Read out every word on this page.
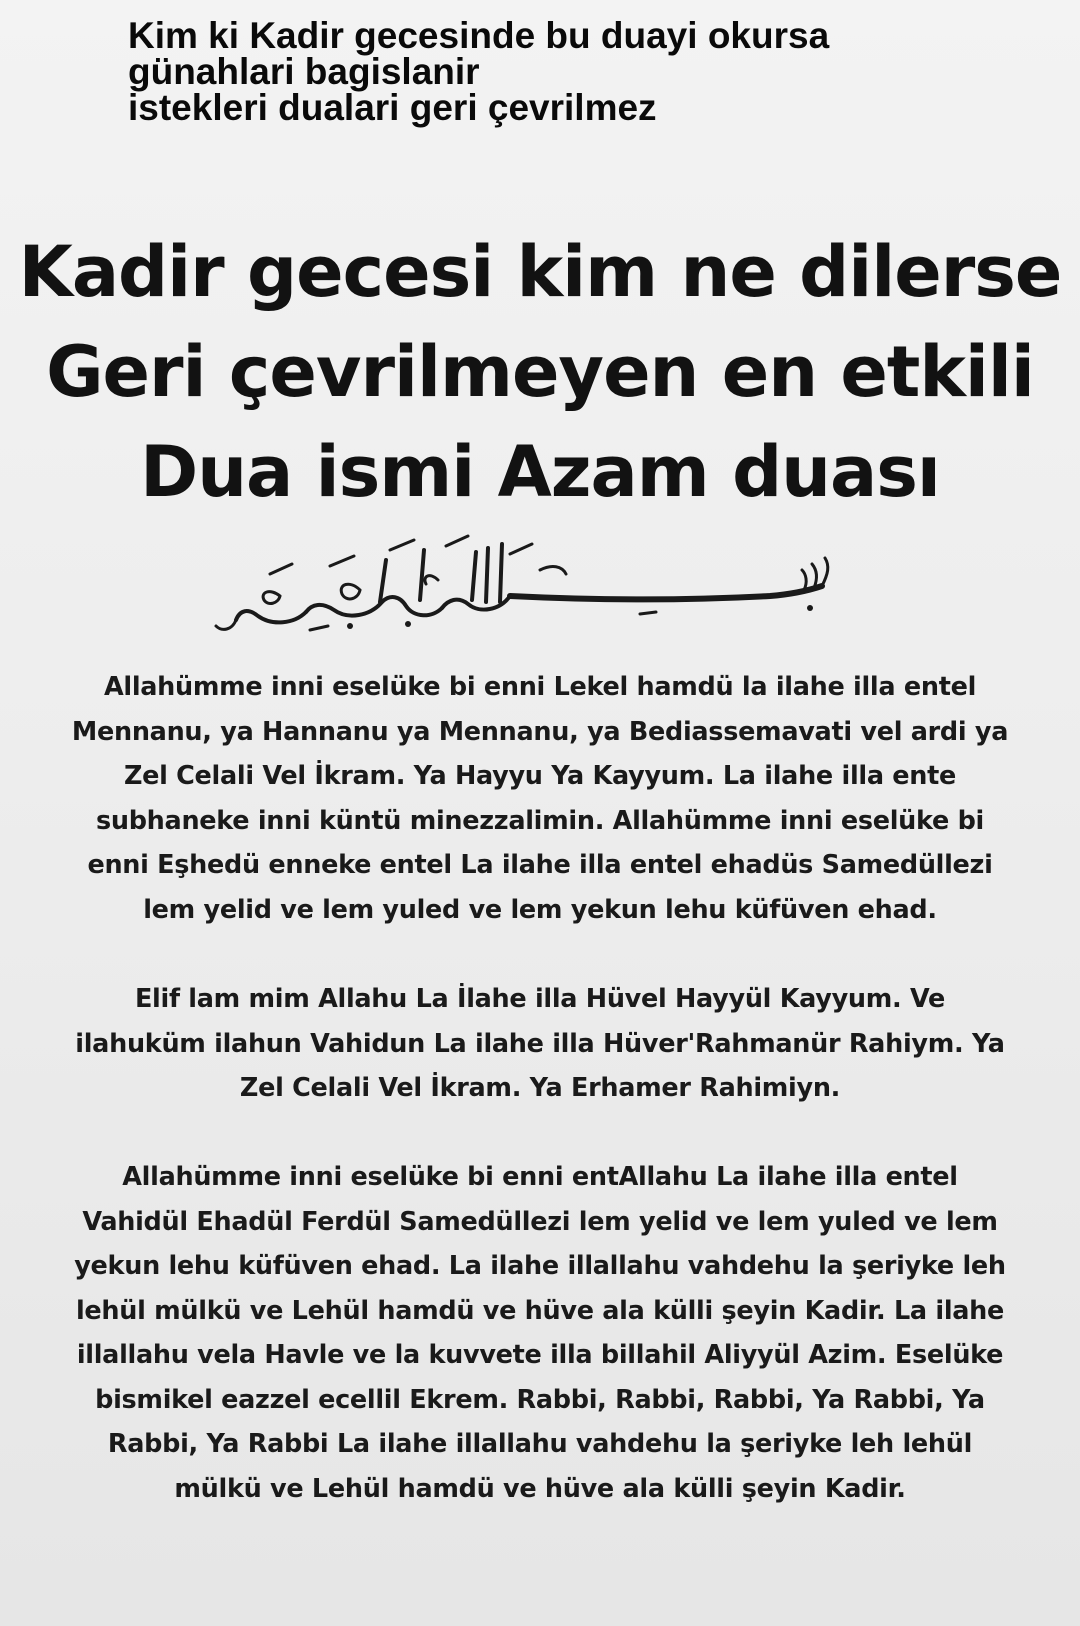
Kim ki Kadir gecesinde bu duayi okursa
günahlari bagislanir
istekleri dualari geri çevrilmez
Kadir gecesi kim ne dilerse
Geri çevrilmeyen en etkili
Dua ismi Azam duası
Allahümme inni eselüke bi enni Lekel hamdü la ilahe illa entel
Mennanu, ya Hannanu ya Mennanu, ya Bediassemavati vel ardi ya
Zel Celali Vel İkram. Ya Hayyu Ya Kayyum. La ilahe illa ente
subhaneke inni küntü minezzalimin. Allahümme inni eselüke bi
enni Eşhedü enneke entel La ilahe illa entel ehadüs Samedüllezi
lem yelid ve lem yuled ve lem yekun lehu küfüven ehad.
Elif lam mim Allahu La İlahe illa Hüvel Hayyül Kayyum. Ve
ilahuküm ilahun Vahidun La ilahe illa Hüver'Rahmanür Rahiym. Ya
Zel Celali Vel İkram. Ya Erhamer Rahimiyn.
Allahümme inni eselüke bi enni entAllahu La ilahe illa entel
Vahidül Ehadül Ferdül Samedüllezi lem yelid ve lem yuled ve lem
yekun lehu küfüven ehad. La ilahe illallahu vahdehu la şeriyke leh
lehül mülkü ve Lehül hamdü ve hüve ala külli şeyin Kadir. La ilahe
illallahu vela Havle ve la kuvvete illa billahil Aliyyül Azim. Eselüke
bismikel eazzel ecellil Ekrem. Rabbi, Rabbi, Rabbi, Ya Rabbi, Ya
Rabbi, Ya Rabbi La ilahe illallahu vahdehu la şeriyke leh lehül
mülkü ve Lehül hamdü ve hüve ala külli şeyin Kadir.
